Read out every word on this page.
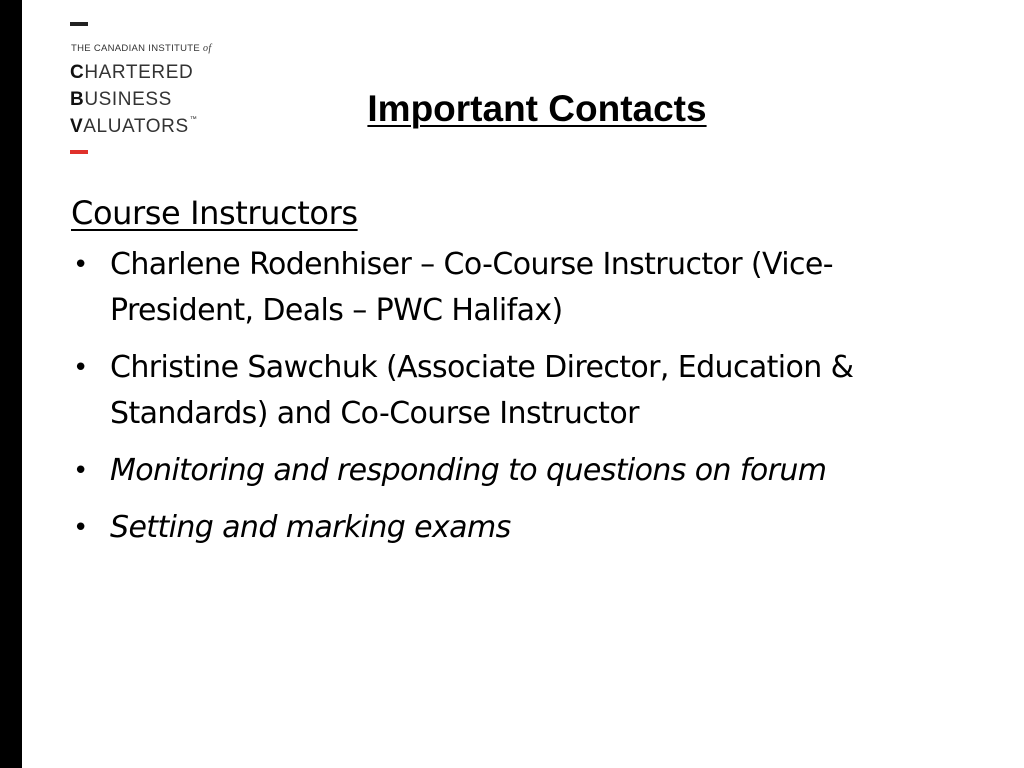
THE CANADIAN INSTITUTE of
CHARTERED
BUSINESS
VALUATORS™	Important Contacts
Course Instructors
• Charlene Rodenhiser – Co-Course Instructor (Vice-President, Deals – PWC Halifax)
• Christine Sawchuk (Associate Director, Education & Standards) and Co-Course Instructor
• Monitoring and responding to questions on forum
• Setting and marking exams
